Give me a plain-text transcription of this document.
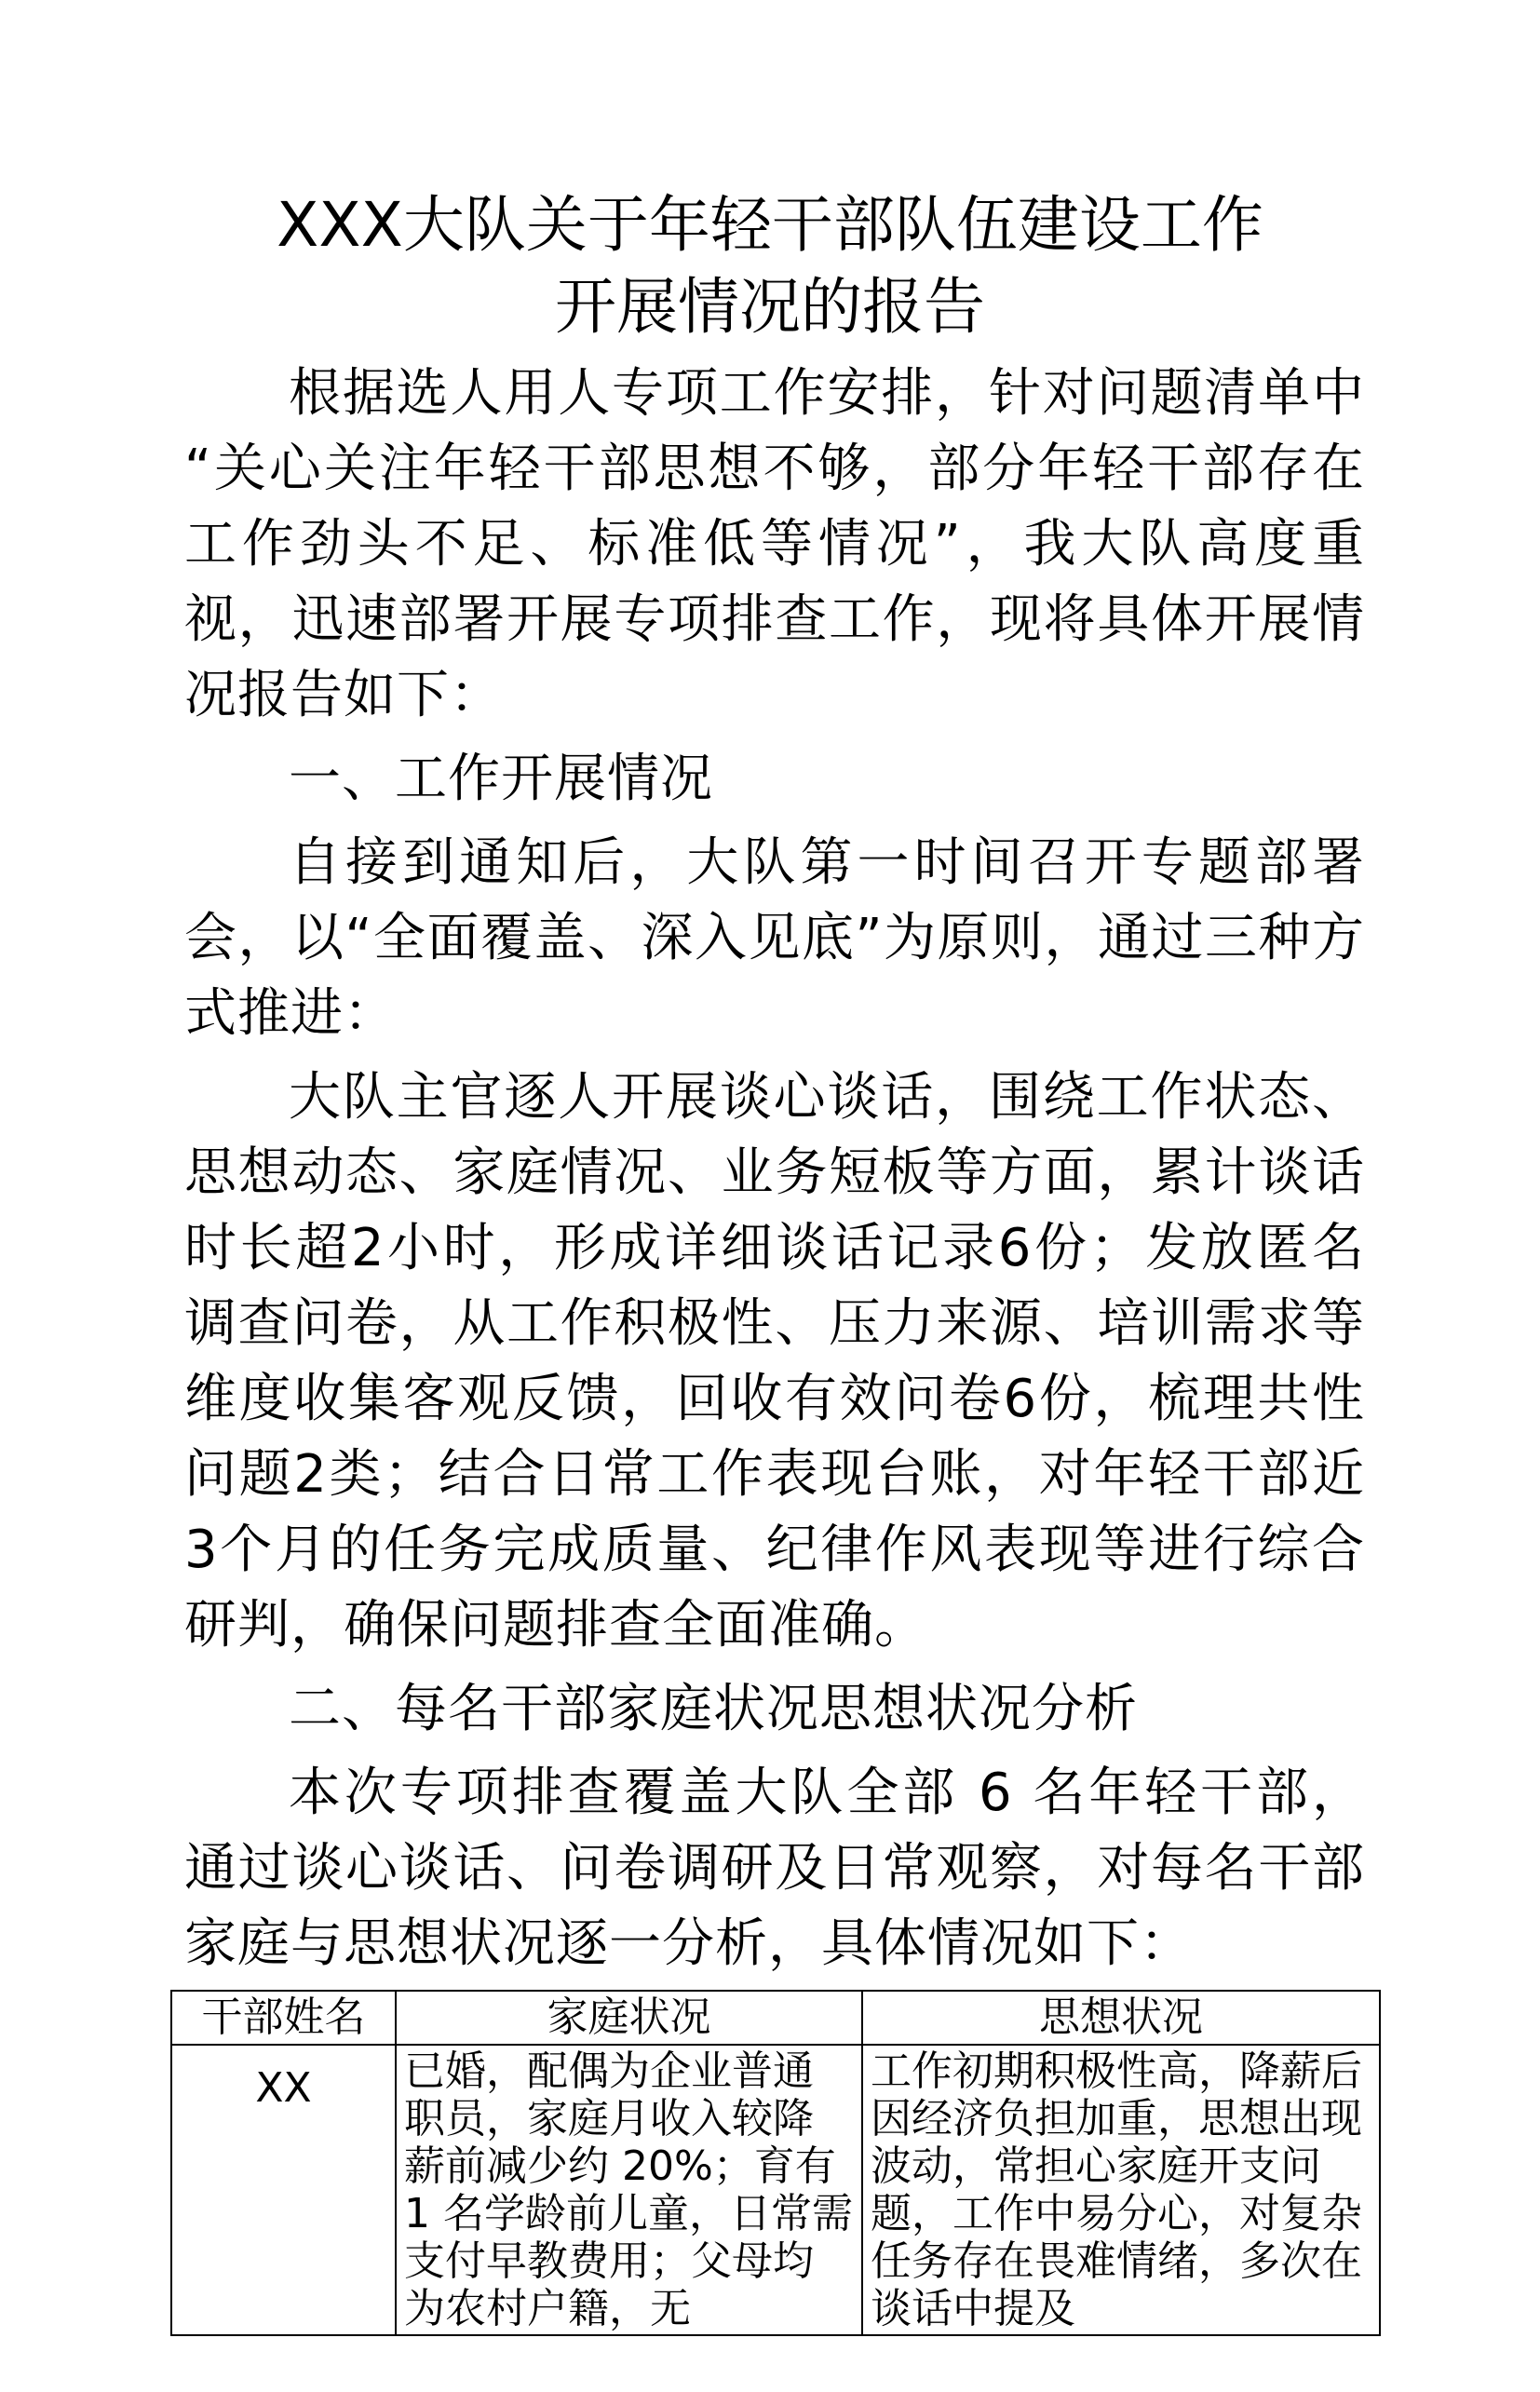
XXX大队关于年轻干部队伍建设工作
开展情况的报告

根据选人用人专项工作安排，针对问题清单中 “关心关注年轻干部思想不够，部分年轻干部存在工作劲头不足、标准低等情况”，我大队高度重视，迅速部署开展专项排查工作，现将具体开展情况报告如下：

一、工作开展情况

自接到通知后，大队第一时间召开专题部署会，以“全面覆盖、深入见底”为原则，通过三种方式推进：

大队主官逐人开展谈心谈话，围绕工作状态、思想动态、家庭情况、业务短板等方面，累计谈话时长超2小时，形成详细谈话记录6份；发放匿名调查问卷，从工作积极性、压力来源、培训需求等维度收集客观反馈，回收有效问卷6份，梳理共性问题2类；结合日常工作表现台账，对年轻干部近3个月的任务完成质量、纪律作风表现等进行综合研判，确保问题排查全面准确。

二、每名干部家庭状况思想状况分析

本次专项排查覆盖大队全部 6 名年轻干部，通过谈心谈话、问卷调研及日常观察，对每名干部家庭与思想状况逐一分析，具体情况如下：

干部姓名	家庭状况	思想状况

XX	已婚，配偶为企业普通职员，家庭月收入较降薪前减少约 20%；育有 1 名学龄前儿童，日常需支付早教费用；父母均为农村户籍，无	工作初期积极性高，降薪后因经济负担加重，思想出现波动，常担心家庭开支问题，工作中易分心，对复杂任务存在畏难情绪，多次在谈话中提及
